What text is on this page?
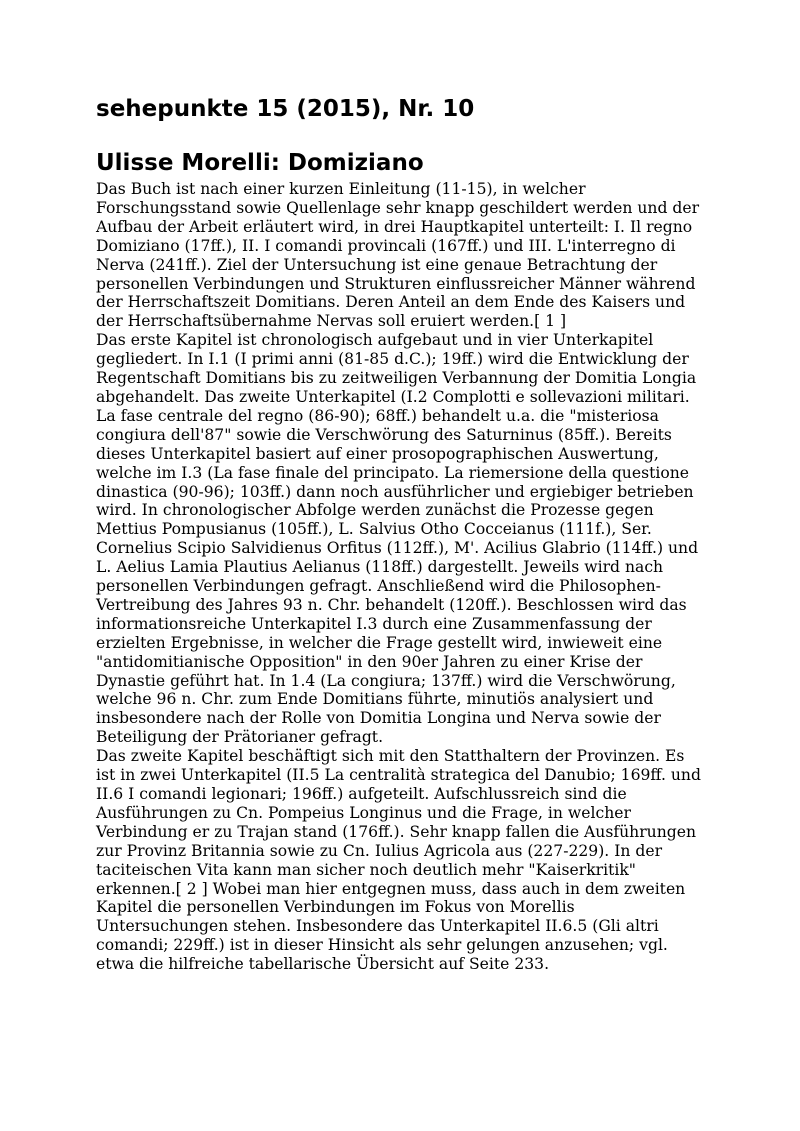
sehepunkte 15 (2015), Nr. 10
Ulisse Morelli: Domiziano

Das Buch ist nach einer kurzen Einleitung (11-15), in welcher Forschungsstand sowie Quellenlage sehr knapp geschildert werden und der Aufbau der Arbeit erläutert wird, in drei Hauptkapitel unterteilt: I. Il regno Domiziano (17ff.), II. I comandi provincali (167ff.) und III. L'interregno di Nerva (241ff.). Ziel der Untersuchung ist eine genaue Betrachtung der personellen Verbindungen und Strukturen einflussreicher Männer während der Herrschaftszeit Domitians. Deren Anteil an dem Ende des Kaisers und der Herrschaftsübernahme Nervas soll eruiert werden.[ 1 ]

Das erste Kapitel ist chronologisch aufgebaut und in vier Unterkapitel gegliedert. In I.1 (I primi anni (81-85 d.C.); 19ff.) wird die Entwicklung der Regentschaft Domitians bis zu zeitweiligen Verbannung der Domitia Longia abgehandelt. Das zweite Unterkapitel (I.2 Complotti e sollevazioni militari. La fase centrale del regno (86-90); 68ff.) behandelt u.a. die "misteriosa congiura dell'87" sowie die Verschwörung des Saturninus (85ff.). Bereits dieses Unterkapitel basiert auf einer prosopographischen Auswertung, welche im I.3 (La fase finale del principato. La riemersione della questione dinastica (90-96); 103ff.) dann noch ausführlicher und ergiebiger betrieben wird. In chronologischer Abfolge werden zunächst die Prozesse gegen Mettius Pompusianus (105ff.), L. Salvius Otho Cocceianus (111f.), Ser. Cornelius Scipio Salvidienus Orfitus (112ff.), M'. Acilius Glabrio (114ff.) und L. Aelius Lamia Plautius Aelianus (118ff.) dargestellt. Jeweils wird nach personellen Verbindungen gefragt. Anschließend wird die Philosophen-Vertreibung des Jahres 93 n. Chr. behandelt (120ff.). Beschlossen wird das informationsreiche Unterkapitel I.3 durch eine Zusammenfassung der erzielten Ergebnisse, in welcher die Frage gestellt wird, inwieweit eine "antidomitianische Opposition" in den 90er Jahren zu einer Krise der Dynastie geführt hat. In 1.4 (La congiura; 137ff.) wird die Verschwörung, welche 96 n. Chr. zum Ende Domitians führte, minutiös analysiert und insbesondere nach der Rolle von Domitia Longina und Nerva sowie der Beteiligung der Prätorianer gefragt.

Das zweite Kapitel beschäftigt sich mit den Statthaltern der Provinzen. Es ist in zwei Unterkapitel (II.5 La centralità strategica del Danubio; 169ff. und II.6 I comandi legionari; 196ff.) aufgeteilt. Aufschlussreich sind die Ausführungen zu Cn. Pompeius Longinus und die Frage, in welcher Verbindung er zu Trajan stand (176ff.). Sehr knapp fallen die Ausführungen zur Provinz Britannia sowie zu Cn. Iulius Agricola aus (227-229). In der taciteischen Vita kann man sicher noch deutlich mehr "Kaiserkritik" erkennen.[ 2 ] Wobei man hier entgegnen muss, dass auch in dem zweiten Kapitel die personellen Verbindungen im Fokus von Morellis Untersuchungen stehen. Insbesondere das Unterkapitel II.6.5 (Gli altri comandi; 229ff.) ist in dieser Hinsicht als sehr gelungen anzusehen; vgl. etwa die hilfreiche tabellarische Übersicht auf Seite 233.
